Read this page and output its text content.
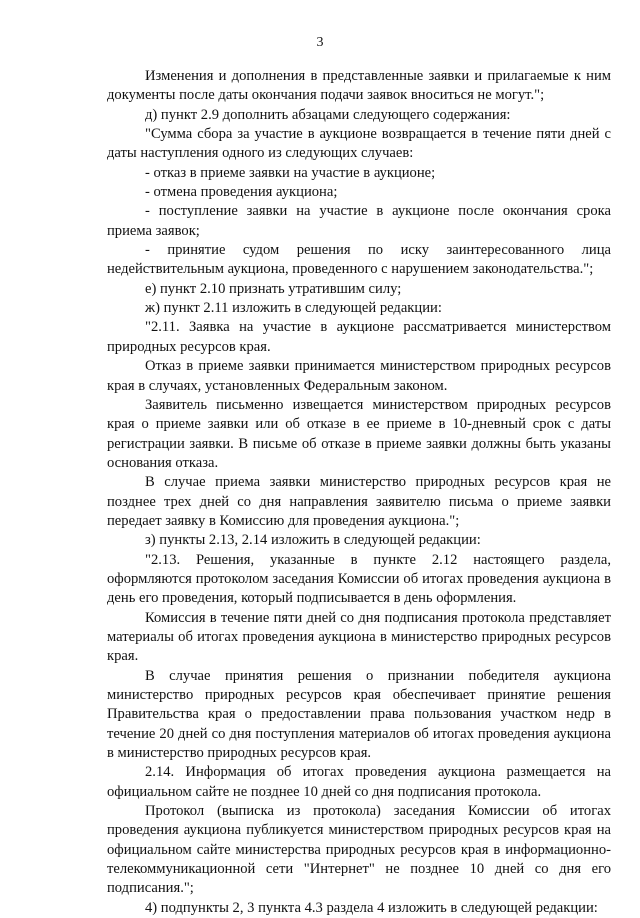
3

Изменения и дополнения в представленные заявки и прилагаемые к ним документы после даты окончания подачи заявок вноситься не могут.";

д) пункт 2.9 дополнить абзацами следующего содержания:

"Сумма сбора за участие в аукционе возвращается в течение пяти дней с даты наступления одного из следующих случаев:

- отказ в приеме заявки на участие в аукционе;

- отмена проведения аукциона;

- поступление заявки на участие в аукционе после окончания срока приема заявок;

- принятие судом решения по иску заинтересованного лица недействительным аукциона, проведенного с нарушением законодательства.";

е) пункт 2.10 признать утратившим силу;

ж) пункт 2.11 изложить в следующей редакции:

"2.11. Заявка на участие в аукционе рассматривается министерством природных ресурсов края.

Отказ в приеме заявки принимается министерством природных ресурсов края в случаях, установленных Федеральным законом.

Заявитель письменно извещается министерством природных ресурсов края о приеме заявки или об отказе в ее приеме в 10-дневный срок с даты регистрации заявки. В письме об отказе в приеме заявки должны быть указаны основания отказа.

В случае приема заявки министерство природных ресурсов края не позднее трех дней со дня направления заявителю письма о приеме заявки передает заявку в Комиссию для проведения аукциона.";

з) пункты 2.13, 2.14 изложить в следующей редакции:

"2.13. Решения, указанные в пункте 2.12 настоящего раздела, оформляются протоколом заседания Комиссии об итогах проведения аукциона в день его проведения, который подписывается в день оформления.

Комиссия в течение пяти дней со дня подписания протокола представляет материалы об итогах проведения аукциона в министерство природных ресурсов края.

В случае принятия решения о признании победителя аукциона министерство природных ресурсов края обеспечивает принятие решения Правительства края о предоставлении права пользования участком недр в течение 20 дней со дня поступления материалов об итогах проведения аукциона в министерство природных ресурсов края.

2.14. Информация об итогах проведения аукциона размещается на официальном сайте не позднее 10 дней со дня подписания протокола.

Протокол (выписка из протокола) заседания Комиссии об итогах проведения аукциона публикуется министерством природных ресурсов края на официальном сайте министерства природных ресурсов края в информационно-телекоммуникационной сети "Интернет" не позднее 10 дней со дня его подписания.";

4) подпункты 2, 3 пункта 4.3 раздела 4 изложить в следующей редакции:
